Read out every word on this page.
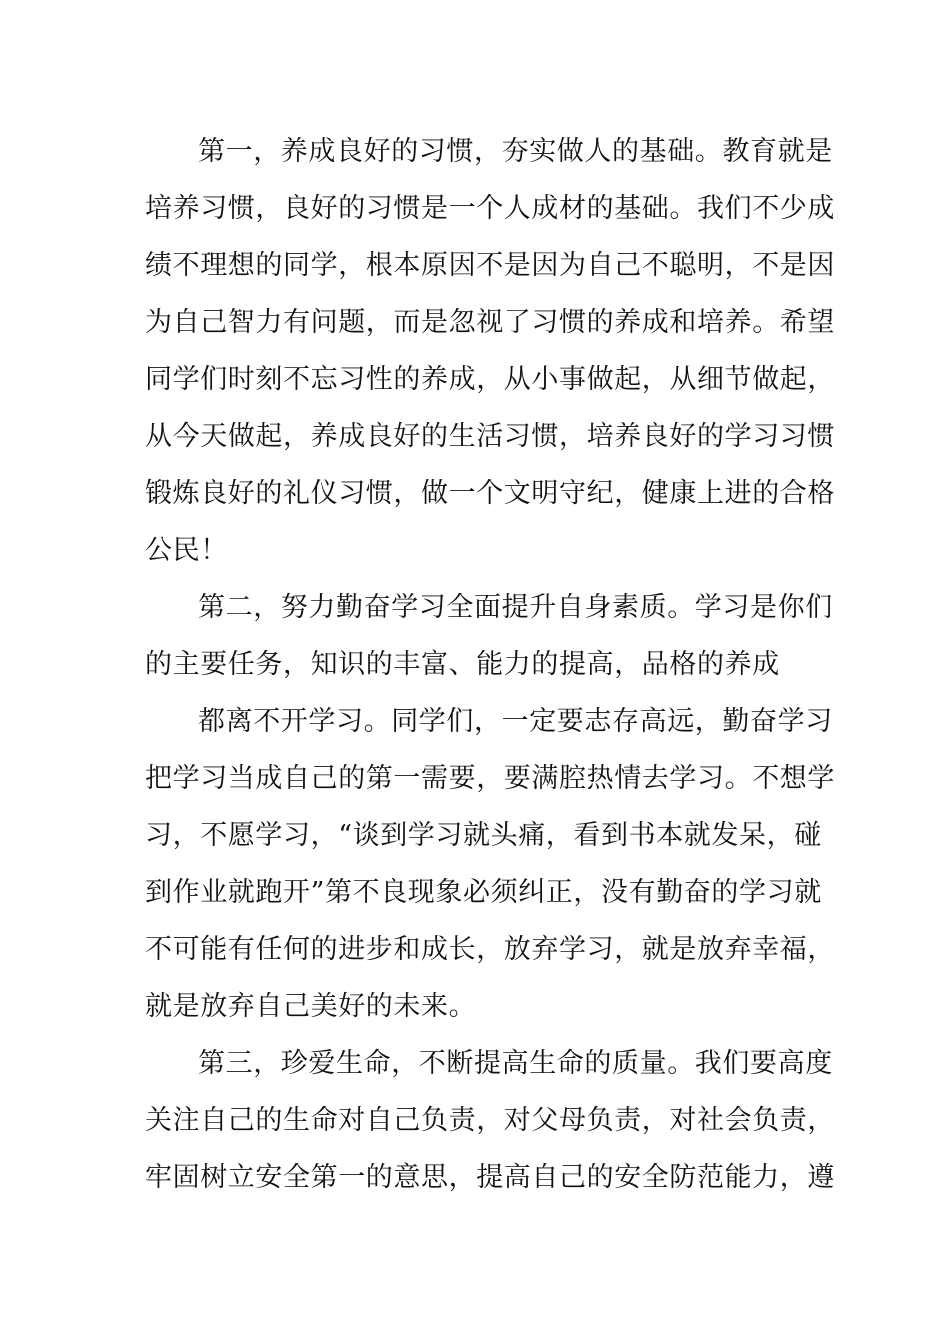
第一，养成良好的习惯，夯实做人的基础。教育就是
培养习惯，良好的习惯是一个人成材的基础。我们不少成
绩不理想的同学，根本原因不是因为自己不聪明，不是因
为自己智力有问题，而是忽视了习惯的养成和培养。希望
同学们时刻不忘习性的养成，从小事做起，从细节做起，
从今天做起，养成良好的生活习惯，培养良好的学习习惯
锻炼良好的礼仪习惯，做一个文明守纪，健康上进的合格
公民！
第二，努力勤奋学习全面提升自身素质。学习是你们
的主要任务，知识的丰富、能力的提高，品格的养成
都离不开学习。同学们，一定要志存高远，勤奋学习
把学习当成自己的第一需要，要满腔热情去学习。不想学
习，不愿学习，“谈到学习就头痛，看到书本就发呆，碰
到作业就跑开”第不良现象必须纠正，没有勤奋的学习就
不可能有任何的进步和成长，放弃学习，就是放弃幸福，
就是放弃自己美好的未来。
第三，珍爱生命，不断提高生命的质量。我们要高度
关注自己的生命对自己负责，对父母负责，对社会负责，
牢固树立安全第一的意思，提高自己的安全防范能力，遵
